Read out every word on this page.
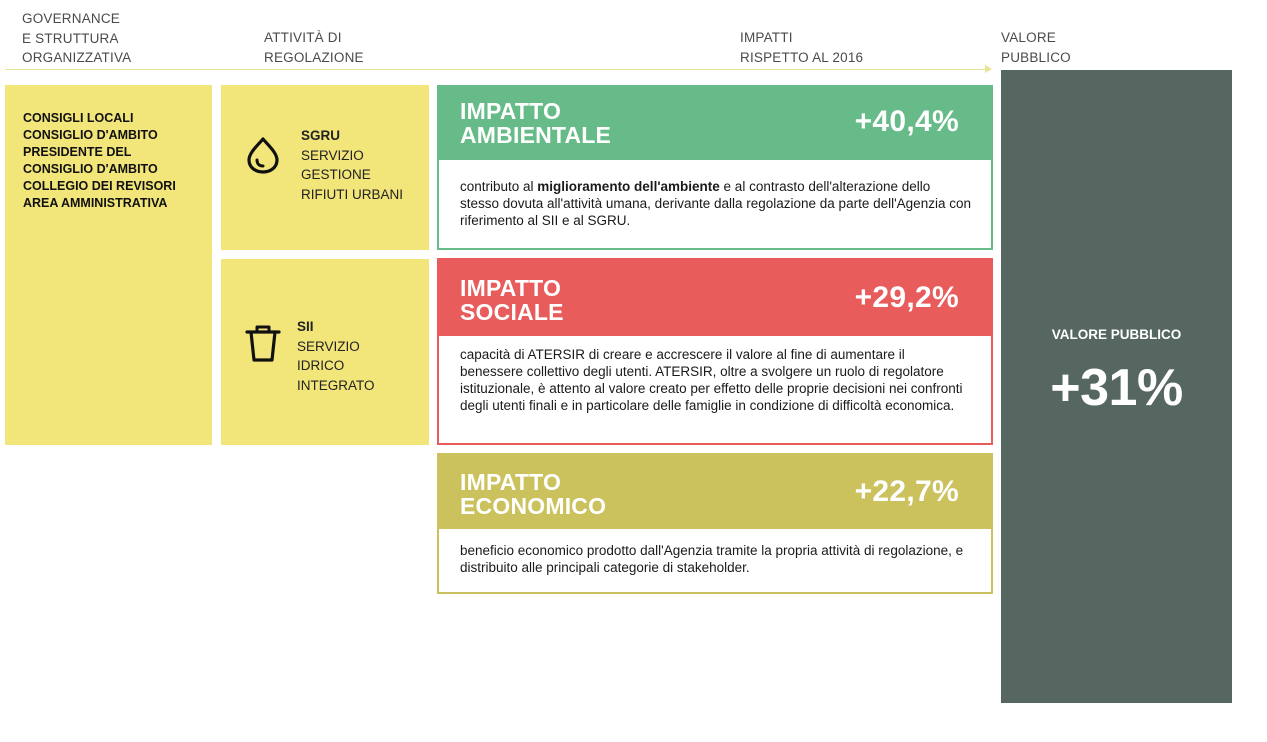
GOVERNANCE
E STRUTTURA
ORGANIZZATIVA
ATTIVITÀ DI
REGOLAZIONE
IMPATTI
RISPETTO AL 2016
VALORE
PUBBLICO
CONSIGLI LOCALI
CONSIGLIO D'AMBITO
PRESIDENTE DEL
CONSIGLIO D'AMBITO
COLLEGIO DEI REVISORI
AREA AMMINISTRATIVA
SGRU
SERVIZIO
GESTIONE
RIFIUTI URBANI
SII
SERVIZIO
IDRICO
INTEGRATO
IMPATTO
AMBIENTALE	+40,4%
contributo al miglioramento dell'ambiente e al contrasto dell'alterazione dello stesso dovuta all'attività umana, derivante dalla regolazione da parte dell'Agenzia con riferimento al SII e al SGRU.
IMPATTO
SOCIALE	+29,2%
capacità di ATERSIR di creare e accrescere il valore al fine di aumentare il benessere collettivo degli utenti. ATERSIR, oltre a svolgere un ruolo di regolatore istituzionale, è attento al valore creato per effetto delle proprie decisioni nei confronti degli utenti finali e in particolare delle famiglie in condizione di difficoltà economica.
IMPATTO
ECONOMICO	+22,7%
beneficio economico prodotto dall'Agenzia tramite la propria attività di regolazione, e distribuito alle principali categorie di stakeholder.
VALORE PUBBLICO
+31%
